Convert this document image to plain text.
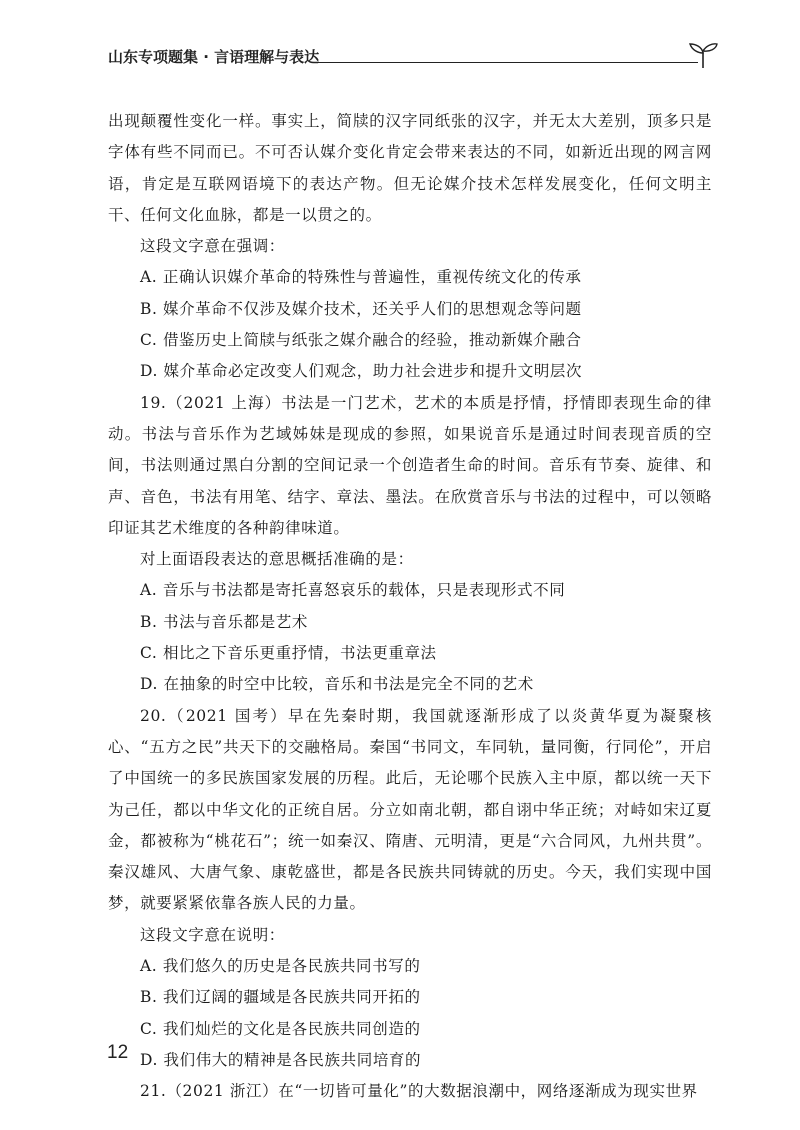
山东专项题集 · 言语理解与表达

出现颠覆性变化一样。事实上，简牍的汉字同纸张的汉字，并无太大差别，顶多只是字体有些不同而已。不可否认媒介变化肯定会带来表达的不同，如新近出现的网言网语，肯定是互联网语境下的表达产物。但无论媒介技术怎样发展变化，任何文明主干、任何文化血脉，都是一以贯之的。

这段文字意在强调：

A. 正确认识媒介革命的特殊性与普遍性，重视传统文化的传承

B. 媒介革命不仅涉及媒介技术，还关乎人们的思想观念等问题

C. 借鉴历史上简牍与纸张之媒介融合的经验，推动新媒介融合

D. 媒介革命必定改变人们观念，助力社会进步和提升文明层次

19.（2021 上海）书法是一门艺术，艺术的本质是抒情，抒情即表现生命的律动。书法与音乐作为艺域姊妹是现成的参照，如果说音乐是通过时间表现音质的空间，书法则通过黑白分割的空间记录一个创造者生命的时间。音乐有节奏、旋律、和声、音色，书法有用笔、结字、章法、墨法。在欣赏音乐与书法的过程中，可以领略印证其艺术维度的各种韵律味道。

对上面语段表达的意思概括准确的是：

A. 音乐与书法都是寄托喜怒哀乐的载体，只是表现形式不同

B. 书法与音乐都是艺术

C. 相比之下音乐更重抒情，书法更重章法

D. 在抽象的时空中比较，音乐和书法是完全不同的艺术

20.（2021 国考）早在先秦时期，我国就逐渐形成了以炎黄华夏为凝聚核心、“五方之民”共天下的交融格局。秦国“书同文，车同轨，量同衡，行同伦”，开启了中国统一的多民族国家发展的历程。此后，无论哪个民族入主中原，都以统一天下为己任，都以中华文化的正统自居。分立如南北朝，都自诩中华正统；对峙如宋辽夏金，都被称为“桃花石”；统一如秦汉、隋唐、元明清，更是“六合同风，九州共贯”。秦汉雄风、大唐气象、康乾盛世，都是各民族共同铸就的历史。今天，我们实现中国梦，就要紧紧依靠各族人民的力量。

这段文字意在说明：

A. 我们悠久的历史是各民族共同书写的

B. 我们辽阔的疆域是各民族共同开拓的

C. 我们灿烂的文化是各民族共同创造的

D. 我们伟大的精神是各民族共同培育的

21.（2021 浙江）在“一切皆可量化”的大数据浪潮中，网络逐渐成为现实世界

12
